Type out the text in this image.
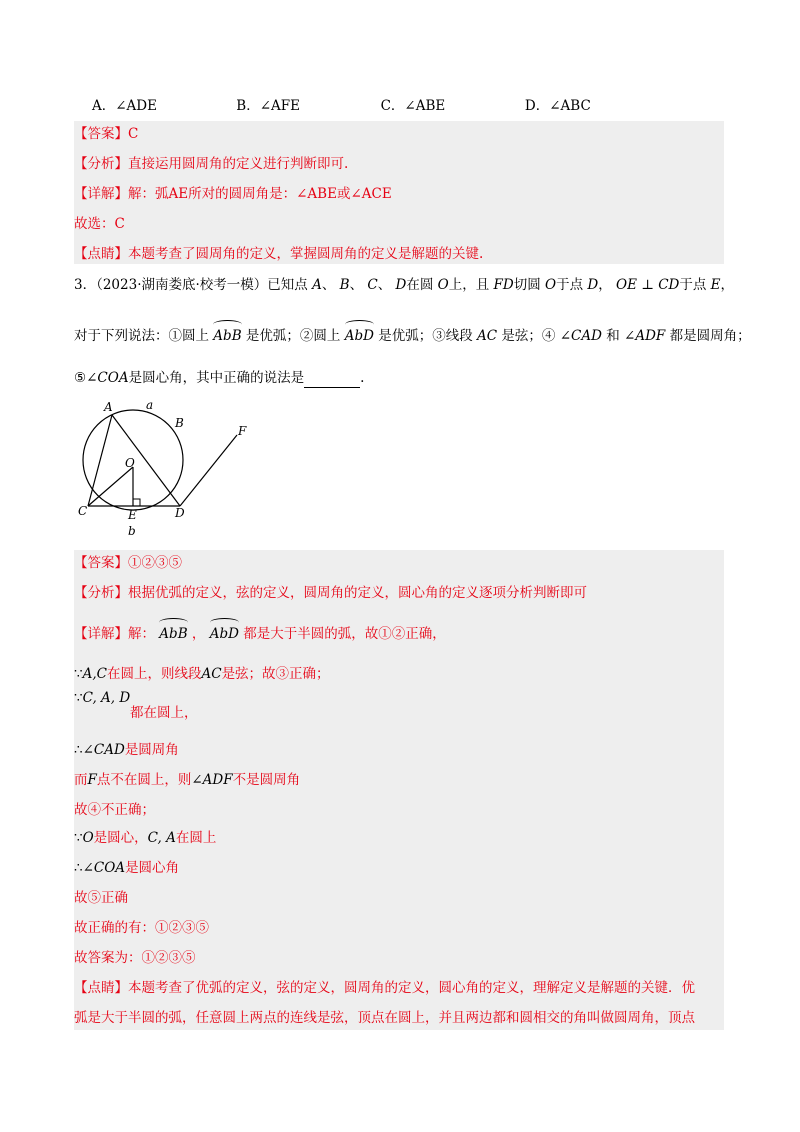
A．∠ADE	B．∠AFE	C．∠ABE	D．∠ABC
【答案】C
【分析】直接运用圆周角的定义进行判断即可.
【详解】解：弧AE所对的圆周角是：∠ABE或∠ACE
故选：C
【点睛】本题考查了圆周角的定义，掌握圆周角的定义是解题的关键.
3．（2023·湖南娄底·校考一模）已知点 A、 B、 C、 D在圆 O上，且 FD切圆 O于点 D， OE ⊥ CD于点 E，
对于下列说法：①圆上 AbB 是优弧；②圆上 AbD 是优弧；③线段 AC 是弦；④ ∠CAD 和 ∠ADF 都是圆周角；
⑤∠COA是圆心角，其中正确的说法是	.
A	a
B
F
O
C	E	D
b
【答案】①②③⑤
【分析】根据优弧的定义，弦的定义，圆周角的定义，圆心角的定义逐项分析判断即可
【详解】解： AbB ， AbD 都是大于半圆的弧，故①②正确，
∵A,C在圆上，则线段AC是弦；故③正确；
∵C, A, D
都在圆上，
∴∠CAD是圆周角
而F点不在圆上，则∠ADF不是圆周角
故④不正确；
∵O是圆心，C, A在圆上
∴∠COA是圆心角
故⑤正确
故正确的有：①②③⑤
故答案为：①②③⑤
【点睛】本题考查了优弧的定义，弦的定义，圆周角的定义，圆心角的定义，理解定义是解题的关键．优
弧是大于半圆的弧，任意圆上两点的连线是弦，顶点在圆上，并且两边都和圆相交的角叫做圆周角，顶点
